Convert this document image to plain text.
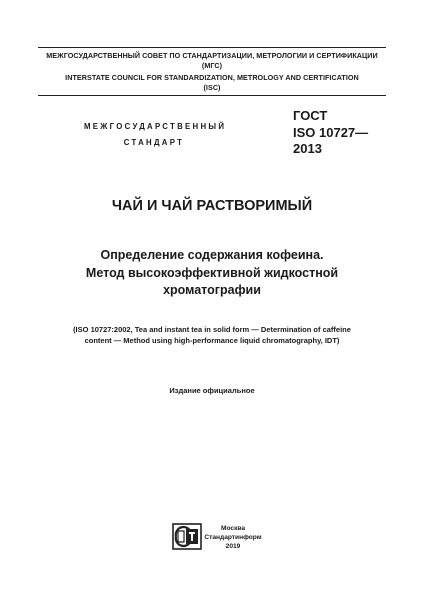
МЕЖГОСУДАРСТВЕННЫЙ СОВЕТ ПО СТАНДАРТИЗАЦИИ, МЕТРОЛОГИИ И СЕРТИФИКАЦИИ
(МГС)
INTERSTATE COUNCIL FOR STANDARDIZATION, METROLOGY AND CERTIFICATION
(ISC)
МЕЖГОСУДАРСТВЕННЫЙ
СТАНДАРТ
ГОСТ
ISO 10727—
2013
ЧАЙ И ЧАЙ РАСТВОРИМЫЙ
Определение содержания кофеина.
Метод высокоэффективной жидкостной
хроматографии
(ISO 10727:2002, Tea and instant tea in solid form — Determination of caffeine
content — Method using high-performance liquid chromatography, IDT)
Издание официальное
Москва
Стандартинформ
2019
